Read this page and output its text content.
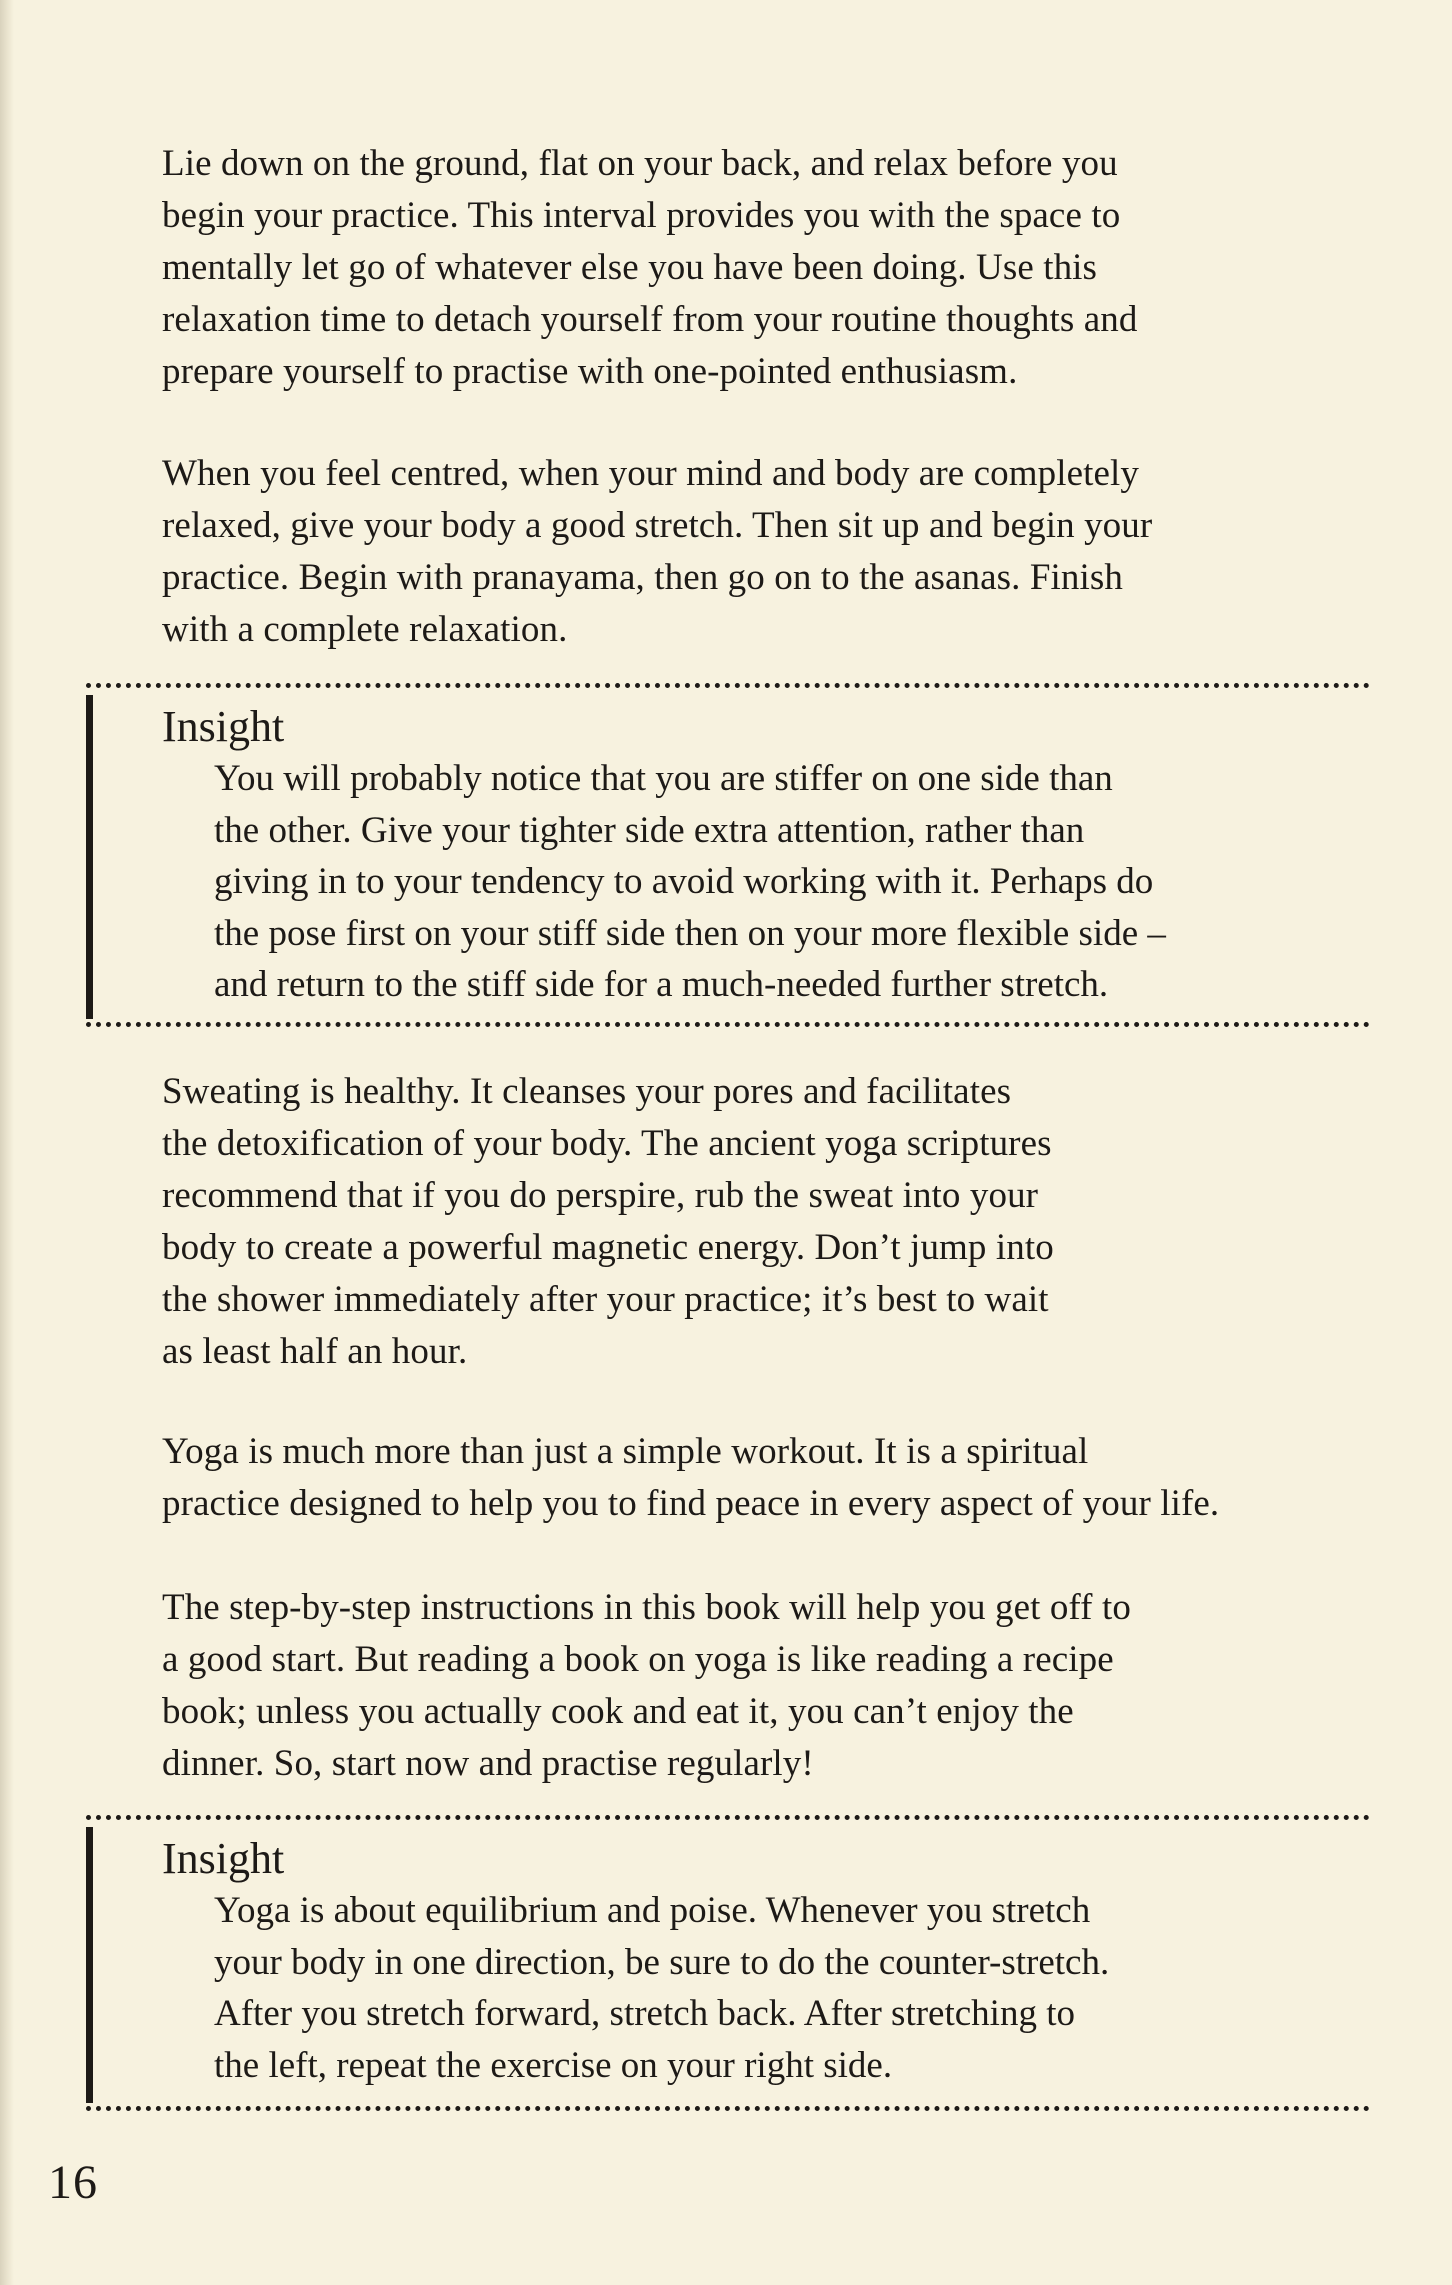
Lie down on the ground, flat on your back, and relax before you
begin your practice. This interval provides you with the space to
mentally let go of whatever else you have been doing. Use this
relaxation time to detach yourself from your routine thoughts and
prepare yourself to practise with one-pointed enthusiasm.

When you feel centred, when your mind and body are completely
relaxed, give your body a good stretch. Then sit up and begin your
practice. Begin with pranayama, then go on to the asanas. Finish
with a complete relaxation.

Insight

You will probably notice that you are stiffer on one side than
the other. Give your tighter side extra attention, rather than
giving in to your tendency to avoid working with it. Perhaps do
the pose first on your stiff side then on your more flexible side –
and return to the stiff side for a much-needed further stretch.

Sweating is healthy. It cleanses your pores and facilitates
the detoxification of your body. The ancient yoga scriptures
recommend that if you do perspire, rub the sweat into your
body to create a powerful magnetic energy. Don’t jump into
the shower immediately after your practice; it’s best to wait
as least half an hour.

Yoga is much more than just a simple workout. It is a spiritual
practice designed to help you to find peace in every aspect of your life.

The step-by-step instructions in this book will help you get off to
a good start. But reading a book on yoga is like reading a recipe
book; unless you actually cook and eat it, you can’t enjoy the
dinner. So, start now and practise regularly!

Insight

Yoga is about equilibrium and poise. Whenever you stretch
your body in one direction, be sure to do the counter-stretch.
After you stretch forward, stretch back. After stretching to
the left, repeat the exercise on your right side.

16
